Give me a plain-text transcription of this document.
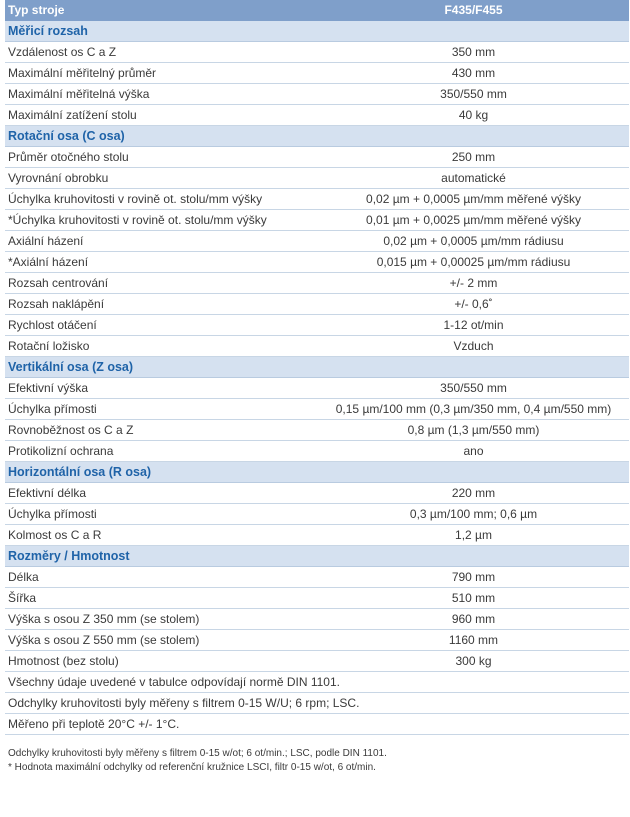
Typ stroje	F435/F455
Měřicí rozsah	
Vzdálenost os C a Z	350 mm
Maximální měřitelný průměr	430 mm
Maximální měřitelná výška	350/550 mm
Maximální zatížení stolu	40 kg
Rotační osa (C osa)	
Průměr otočného stolu	250 mm
Vyrovnání obrobku	automatické
Úchylka kruhovitosti v rovině ot. stolu/mm výšky	0,02 µm + 0,0005 µm/mm měřené výšky
*Úchylka kruhovitosti v rovině ot. stolu/mm výšky	0,01 µm + 0,0025 µm/mm měřené výšky
Axiální házení	0,02 µm + 0,0005 µm/mm rádiusu
*Axiální házení	0,015 µm + 0,00025 µm/mm rádiusu
Rozsah centrování	+/- 2 mm
Rozsah naklápění	+/- 0,6˚
Rychlost otáčení	1-12 ot/min
Rotační ložisko	Vzduch
Vertikální osa (Z osa)	
Efektivní výška	350/550 mm
Úchylka přímosti	0,15 µm/100 mm (0,3 µm/350 mm, 0,4 µm/550 mm)
Rovnoběžnost os C a Z	0,8 µm (1,3 µm/550 mm)
Protikolizní ochrana	ano
Horizontální osa (R osa)	
Efektivní délka	220 mm
Úchylka přímosti	0,3 µm/100 mm; 0,6 µm
Kolmost os C a R	1,2 µm
Rozměry / Hmotnost	
Délka	790 mm
Šířka	510 mm
Výška s osou Z 350 mm (se stolem)	960 mm
Výška s osou Z 550 mm (se stolem)	1160 mm
Hmotnost (bez stolu)	300 kg
Všechny údaje uvedené v tabulce odpovídají normě DIN 1101.	
Odchylky kruhovitosti byly měřeny s filtrem 0-15 W/U; 6 rpm; LSC.	
Měřeno při teplotě 20°C +/- 1°C.	
Odchylky kruhovitosti byly měřeny s filtrem 0-15 w/ot; 6 ot/min.; LSC, podle DIN 1101.
* Hodnota maximální odchylky od referenční kružnice LSCI, filtr 0-15 w/ot, 6 ot/min.
